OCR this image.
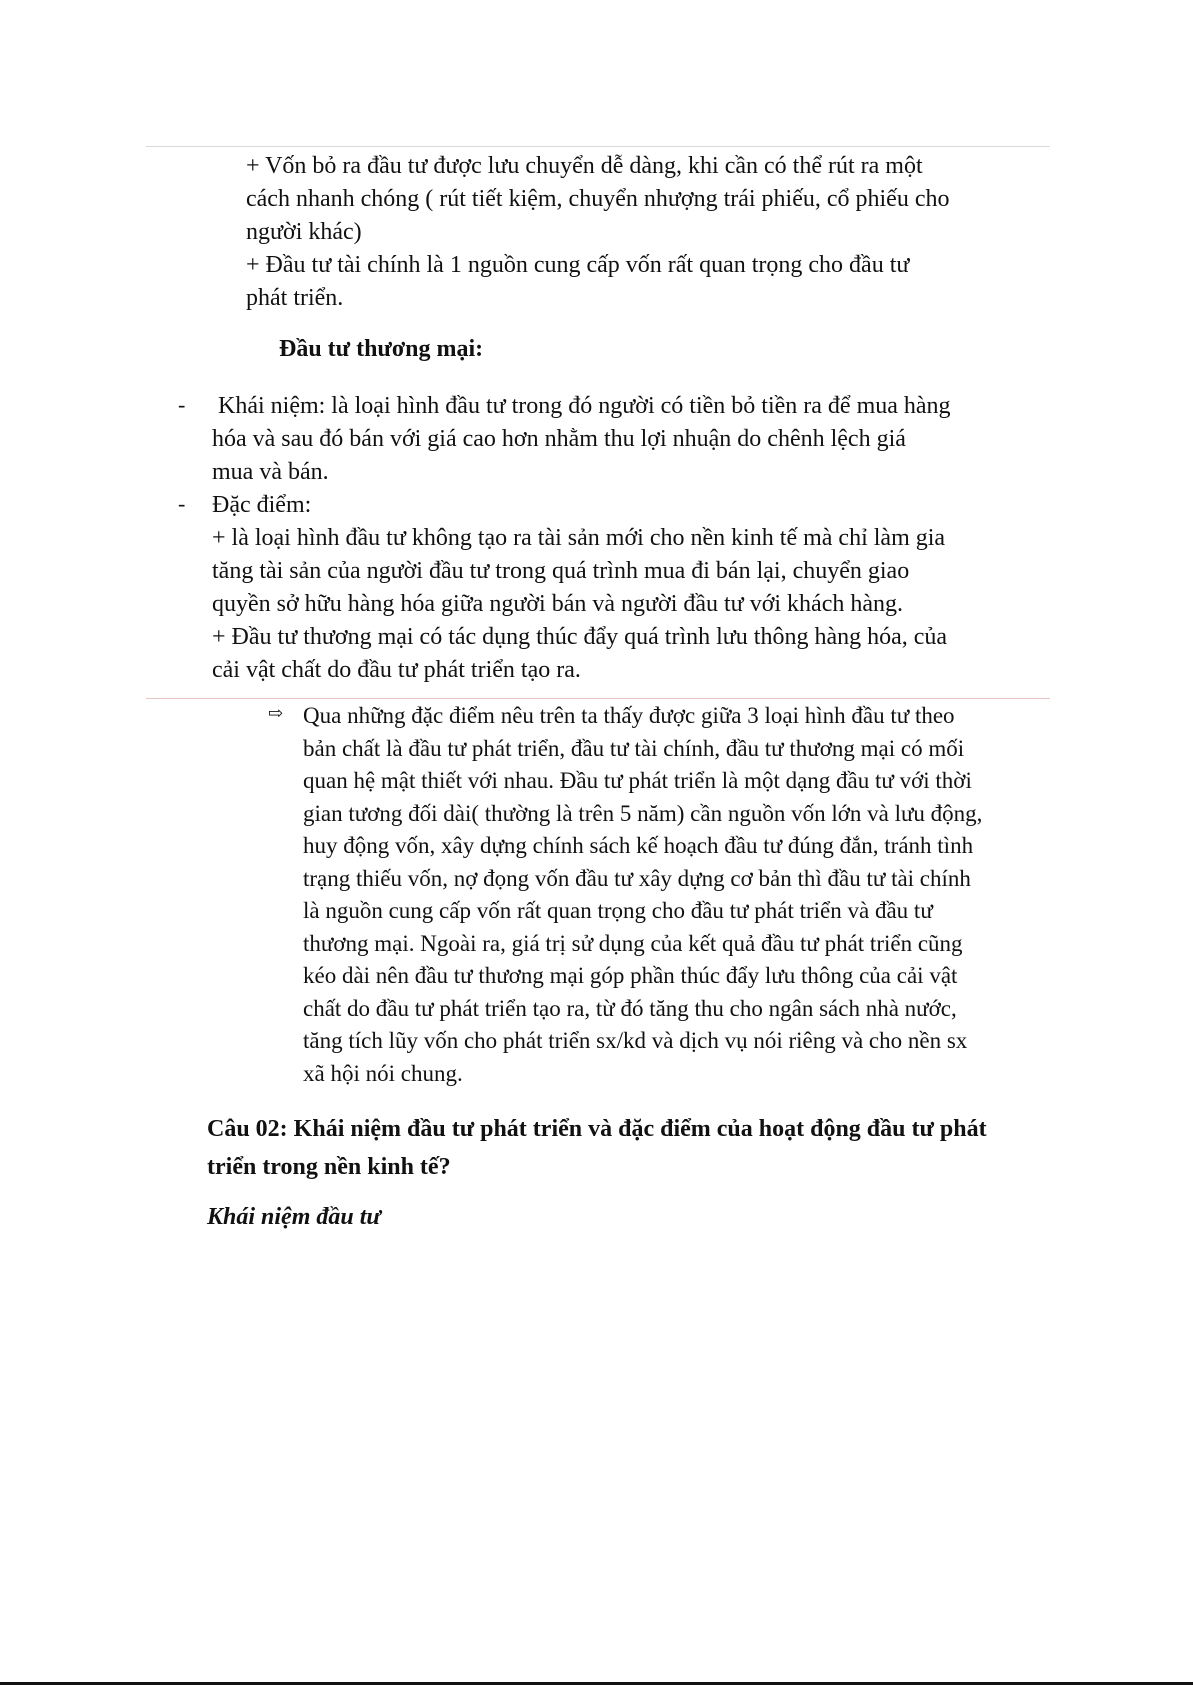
+ Vốn bỏ ra đầu tư được lưu chuyển dễ dàng, khi cần có thể rút ra một

cách nhanh chóng ( rút tiết kiệm, chuyển nhượng trái phiếu, cổ phiếu cho

người khác)

+ Đầu tư tài chính là 1 nguồn cung cấp vốn rất quan trọng cho đầu tư

phát triển.

Đầu tư thương mại:
-
-

Khái niệm: là loại hình đầu tư trong đó người có tiền bỏ tiền ra để mua hàng

hóa và sau đó bán với giá cao hơn nhằm thu lợi nhuận do chênh lệch giá

mua và bán.

Đặc điểm:

+ là loại hình đầu tư không tạo ra tài sản mới cho nền kinh tế mà chỉ làm gia

tăng tài sản của người đầu tư trong quá trình mua đi bán lại, chuyển giao

quyền sở hữu hàng hóa giữa người bán và người đầu tư với khách hàng.

+ Đầu tư thương mại có tác dụng thúc đẩy quá trình lưu thông hàng hóa, của

cải vật chất do đầu tư phát triển tạo ra.

⇨ Qua những đặc điểm nêu trên ta thấy được giữa 3 loại hình đầu tư theo

bản chất là đầu tư phát triển, đầu tư tài chính, đầu tư thương mại có mối

quan hệ mật thiết với nhau. Đầu tư phát triển là một dạng đầu tư với thời

gian tương đối dài( thường là trên 5 năm) cần nguồn vốn lớn và lưu động,

huy động vốn, xây dựng chính sách kế hoạch đầu tư đúng đắn, tránh tình

trạng thiếu vốn, nợ đọng vốn đầu tư xây dựng cơ bản thì đầu tư tài chính

là nguồn cung cấp vốn rất quan trọng cho đầu tư phát triển và đầu tư

thương mại. Ngoài ra, giá trị sử dụng của kết quả đầu tư phát triển cũng

kéo dài nên đầu tư thương mại góp phần thúc đẩy lưu thông của cải vật

chất do đầu tư phát triển tạo ra, từ đó tăng thu cho ngân sách nhà nước,

tăng tích lũy vốn cho phát triển sx/kd và dịch vụ nói riêng và cho nền sx

xã hội nói chung.

Câu 02: Khái niệm đầu tư phát triển và đặc điểm của hoạt động đầu tư phát

triển trong nền kinh tế?

Khái niệm đầu tư
